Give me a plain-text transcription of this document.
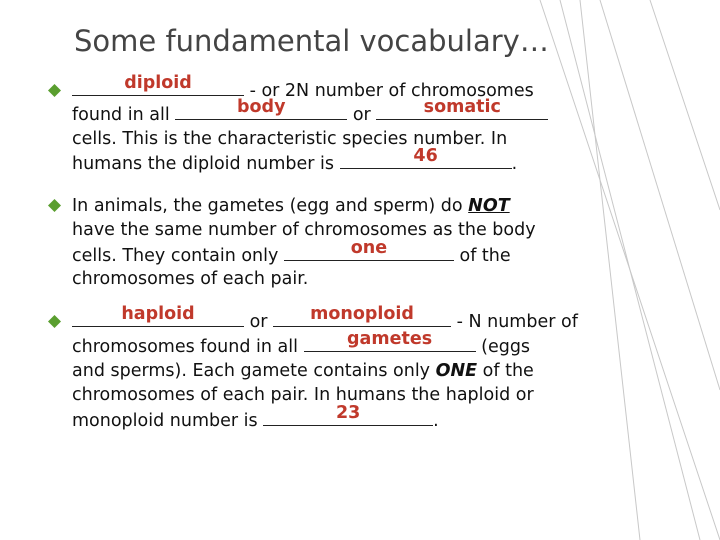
Some fundamental vocabulary…
diploid	- or 2N number of chromosomes
found in all	body	or	somatic
cells. This is the characteristic species number. In
humans the diploid number is	46	.
In animals, the gametes (egg and sperm) do NOT
have the same number of chromosomes as the body
cells. They contain only	one	of the
chromosomes of each pair.
haploid	or	monoploid	- N number of
chromosomes found in all	gametes	(eggs
and sperms). Each gamete contains only ONE of the
chromosomes of each pair. In humans the haploid or
monoploid number is	23	.
